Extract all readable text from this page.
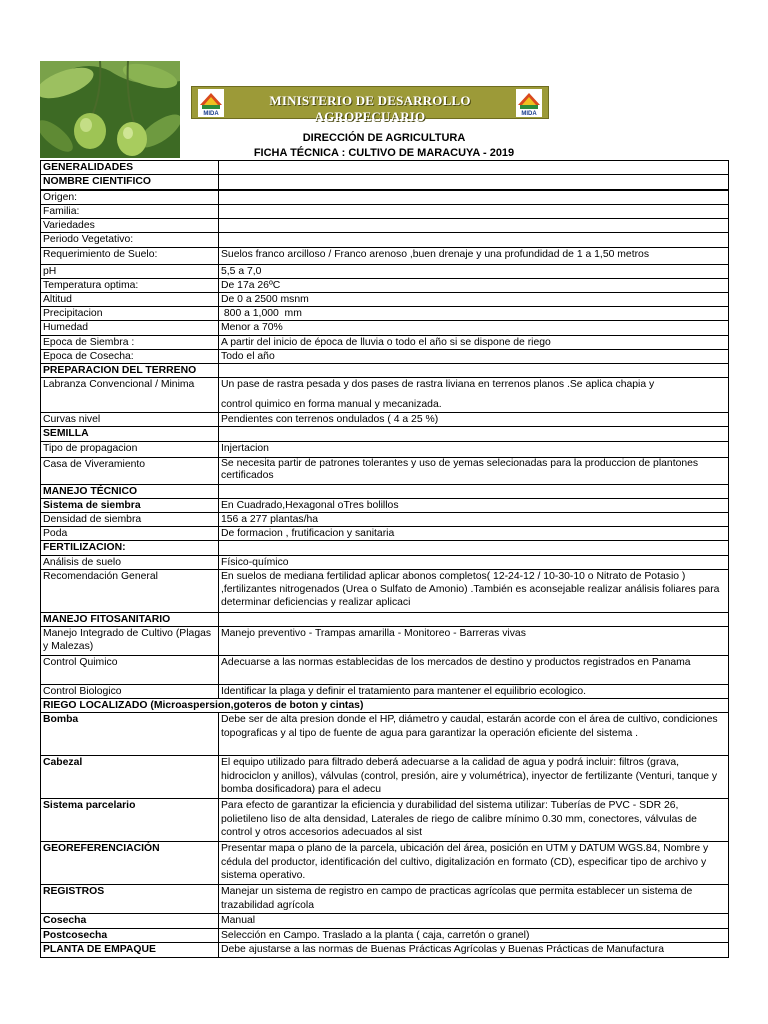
MIDA
MINISTERIO DE DESARROLLO AGROPECUARIO	MIDA
DIRECCIÓN DE AGRICULTURA
FICHA TÉCNICA : CULTIVO DE MARACUYA - 2019
GENERALIDADES	
NOMBRE CIENTIFICO	
Origen:	
Familia:	
Variedades	
Periodo Vegetativo:	
Requerimiento de Suelo:	Suelos franco arcilloso / Franco arenoso ,buen drenaje y una profundidad de 1 a 1,50 metros
pH	5,5 a 7,0
Temperatura optima:	De 17a 26ºC
Altitud	De 0 a 2500 msnm
Precipitacion	800 a 1,000  mm
Humedad	Menor a 70%
Epoca de Siembra :	A partir del inicio de época de lluvia o todo el año si se dispone de riego
Epoca de Cosecha:	Todo el año
PREPARACION DEL TERRENO	
Labranza Convencional / Minima	Un pase de rastra pesada y dos pases de rastra liviana en terrenos planos .Se aplica chapia y
control quimico en forma manual y mecanizada.

Curvas nivel	Pendientes con terrenos ondulados ( 4 a 25 %)
SEMILLA	
Tipo de propagacion	Injertacion
Casa de Viveramiento	Se necesita partir de patrones tolerantes y uso de yemas selecionadas para la produccion de plantones certificados
MANEJO TÉCNICO	
Sistema de siembra	En Cuadrado,Hexagonal oTres bolillos
Densidad de siembra	156 a 277 plantas/ha
Poda	De formacion , frutificacion y sanitaria
FERTILIZACION:	
Análisis de suelo	Físico-químico
Recomendación General	En suelos de mediana fertilidad aplicar abonos completos( 12-24-12 / 10-30-10 o Nitrato de Potasio ) ,fertilizantes nitrogenados (Urea o Sulfato de Amonio) .También es aconsejable realizar análisis foliares para determinar deficiencias y realizar aplicaci
MANEJO FITOSANITARIO	
Manejo Integrado de Cultivo (Plagas y Malezas)	Manejo preventivo - Trampas amarilla - Monitoreo - Barreras vivas
Control Quimico	Adecuarse a las normas establecidas de los mercados de destino y productos registrados en Panama
Control Biologico	Identificar la plaga y definir el tratamiento para mantener el equilibrio ecologico.
RIEGO LOCALIZADO (Microaspersion,goteros de boton y cintas)	
Bomba	Debe ser de alta presion donde el HP, diámetro y caudal, estarán acorde con el área de cultivo, condiciones topograficas y al tipo de fuente de agua para garantizar la operación eficiente del sistema .
Cabezal	El equipo utilizado para filtrado deberá adecuarse a la calidad de agua y podrá incluir: filtros (grava, hidrociclon y anillos), válvulas (control, presión, aire y volumétrica), inyector de fertilizante (Venturi, tanque y bomba dosificadora) para el adecu
Sistema parcelario	Para efecto de garantizar la eficiencia y durabilidad del sistema utilizar: Tuberías de PVC - SDR 26, polietileno liso de alta densidad, Laterales de riego de calibre mínimo 0.30 mm, conectores, válvulas de control y otros accesorios adecuados al sist
GEOREFERENCIACIÓN	Presentar mapa o plano de la parcela, ubicación del área, posición en UTM y DATUM WGS.84, Nombre y cédula del productor, identificación del cultivo, digitalización en formato (CD), especificar tipo de archivo y sistema operativo.
REGISTROS	Manejar un sistema de registro en campo de practicas agrícolas que permita establecer un sistema de trazabilidad agrícola
Cosecha	Manual
Postcosecha	Selección en Campo. Traslado a la planta ( caja, carretón o granel)
PLANTA DE EMPAQUE	Debe ajustarse a las normas de Buenas Prácticas Agrícolas y Buenas Prácticas de Manufactura
